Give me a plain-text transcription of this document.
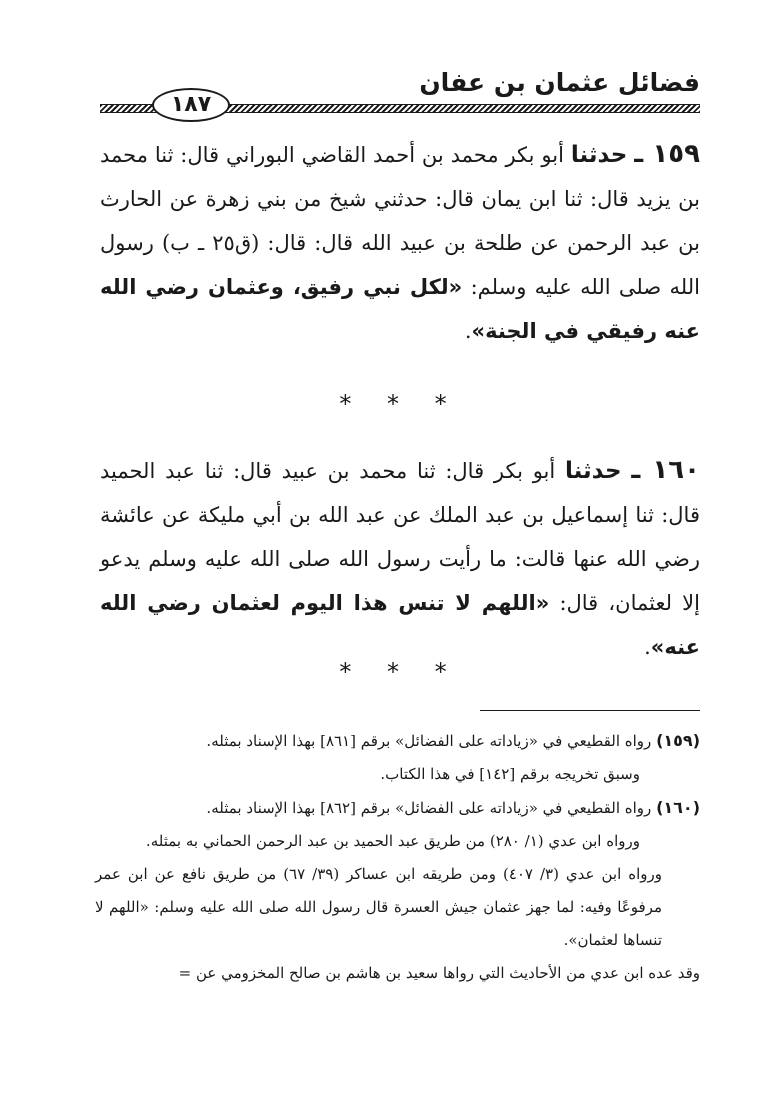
فضائل عثمان بن عفان
١٨٧
١٥٩ ـ حدثنا أبو بكر محمد بن أحمد القاضي البوراني قال: ثنا محمد بن يزيد قال: ثنا ابن يمان قال: حدثني شيخ من بني زهرة عن الحارث بن عبد الرحمن عن طلحة بن عبيد الله قال: قال: (ق٢٥ ـ ب) رسول الله صلى الله عليه وسلم: «لكل نبي رفيق، وعثمان رضي الله عنه رفيقي في الجنة».
* * *
١٦٠ ـ حدثنا أبو بكر قال: ثنا محمد بن عبيد قال: ثنا عبد الحميد قال: ثنا إسماعيل بن عبد الملك عن عبد الله بن أبي مليكة عن عائشة رضي الله عنها قالت: ما رأيت رسول الله صلى الله عليه وسلم يدعو إلا لعثمان، قال: «اللهم لا تنس هذا اليوم لعثمان رضي الله عنه».
* * *
(١٥٩) رواه القطيعي في «زياداته على الفضائل» برقم [٨٦١] بهذا الإسناد بمثله.
وسبق تخريجه برقم [١٤٢] في هذا الكتاب.
(١٦٠) رواه القطيعي في «زياداته على الفضائل» برقم [٨٦٢] بهذا الإسناد بمثله.
ورواه ابن عدي (١/ ٢٨٠) من طريق عبد الحميد بن عبد الرحمن الحماني به بمثله.
ورواه ابن عدي (٣/ ٤٠٧) ومن طريقه ابن عساكر (٣٩/ ٦٧) من طريق نافع عن ابن عمر مرفوعًا وفيه: لما جهز عثمان جيش العسرة قال رسول الله صلى الله عليه وسلم: «اللهم لا تنساها لعثمان».
وقد عده ابن عدي من الأحاديث التي رواها سعيد بن هاشم بن صالح المخزومي عن =
